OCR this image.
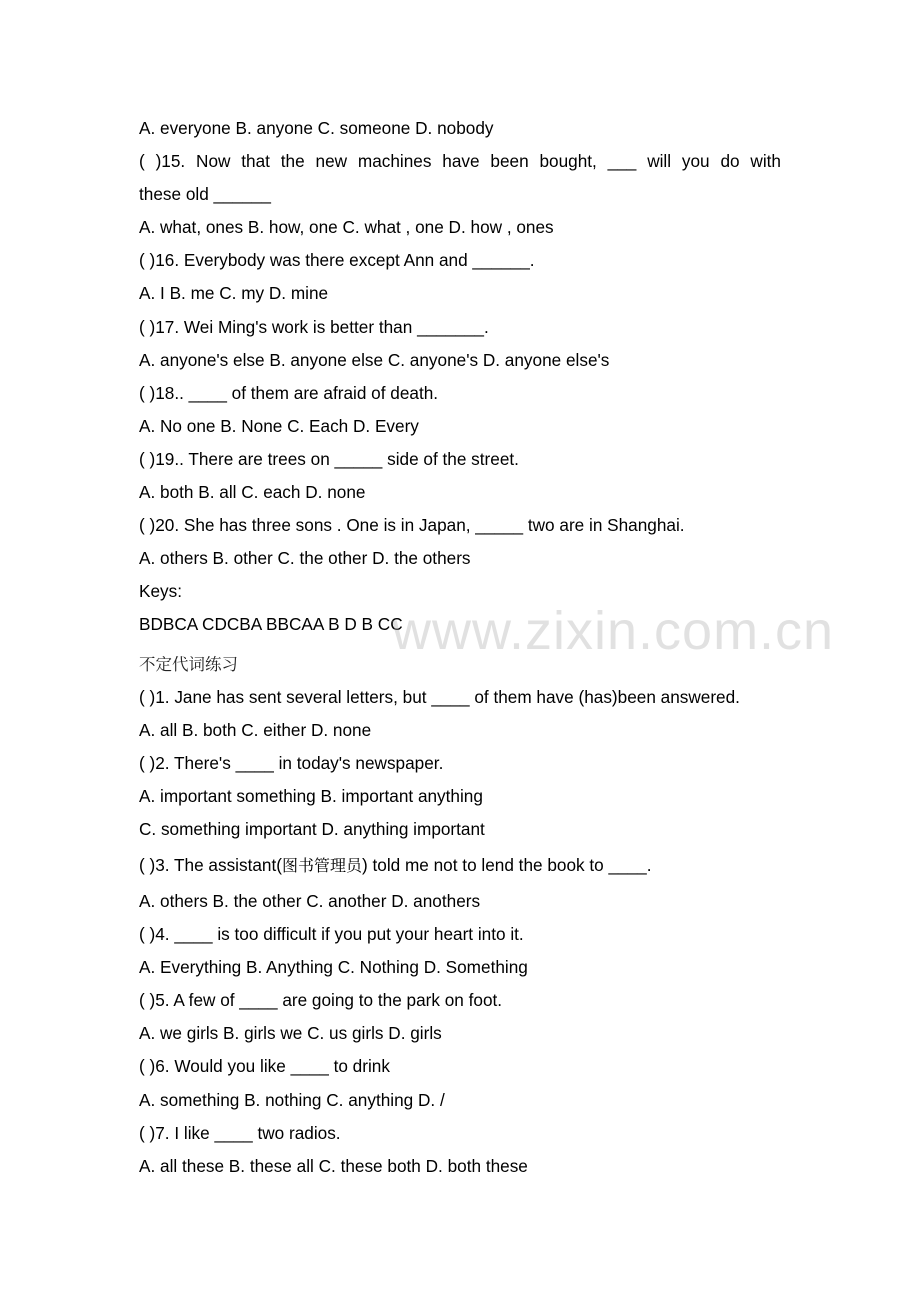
A. everyone B. anyone C. someone D. nobody
( )15. Now that the new machines have been bought, ___ will you do with
these old ______
A. what, ones B. how, one C. what , one D. how , ones
( )16. Everybody was there except Ann and ______.
A. I B. me C. my D. mine
( )17. Wei Ming's work is better than _______.
A. anyone's else B. anyone else C. anyone's D. anyone else's
( )18.. ____ of them are afraid of death.
A. No one B. None C. Each D. Every
( )19.. There are trees on _____ side of the street.
A. both B. all C. each D. none
( )20. She has three sons . One is in Japan, _____ two are in Shanghai.
A. others B. other C. the other D. the others
Keys:
BDBCA CDCBA BBCAA B D B CC
不定代词练习
( )1. Jane has sent several letters, but ____ of them have (has)been answered.
A. all B. both C. either D. none
( )2. There's ____ in today's newspaper.
A. important something B. important anything
C. something important D. anything important
( )3. The assistant(图书管理员) told me not to lend the book to ____.
A. others B. the other C. another D. anothers
( )4. ____ is too difficult if you put your heart into it.
A. Everything B. Anything C. Nothing D. Something
( )5. A few of ____ are going to the park on foot.
A. we girls B. girls we C. us girls D. girls
( )6. Would you like ____ to drink
A. something B. nothing C. anything D. /
( )7. I like ____ two radios.
A. all these B. these all C. these both D. both these
www.zixin.com.cn
